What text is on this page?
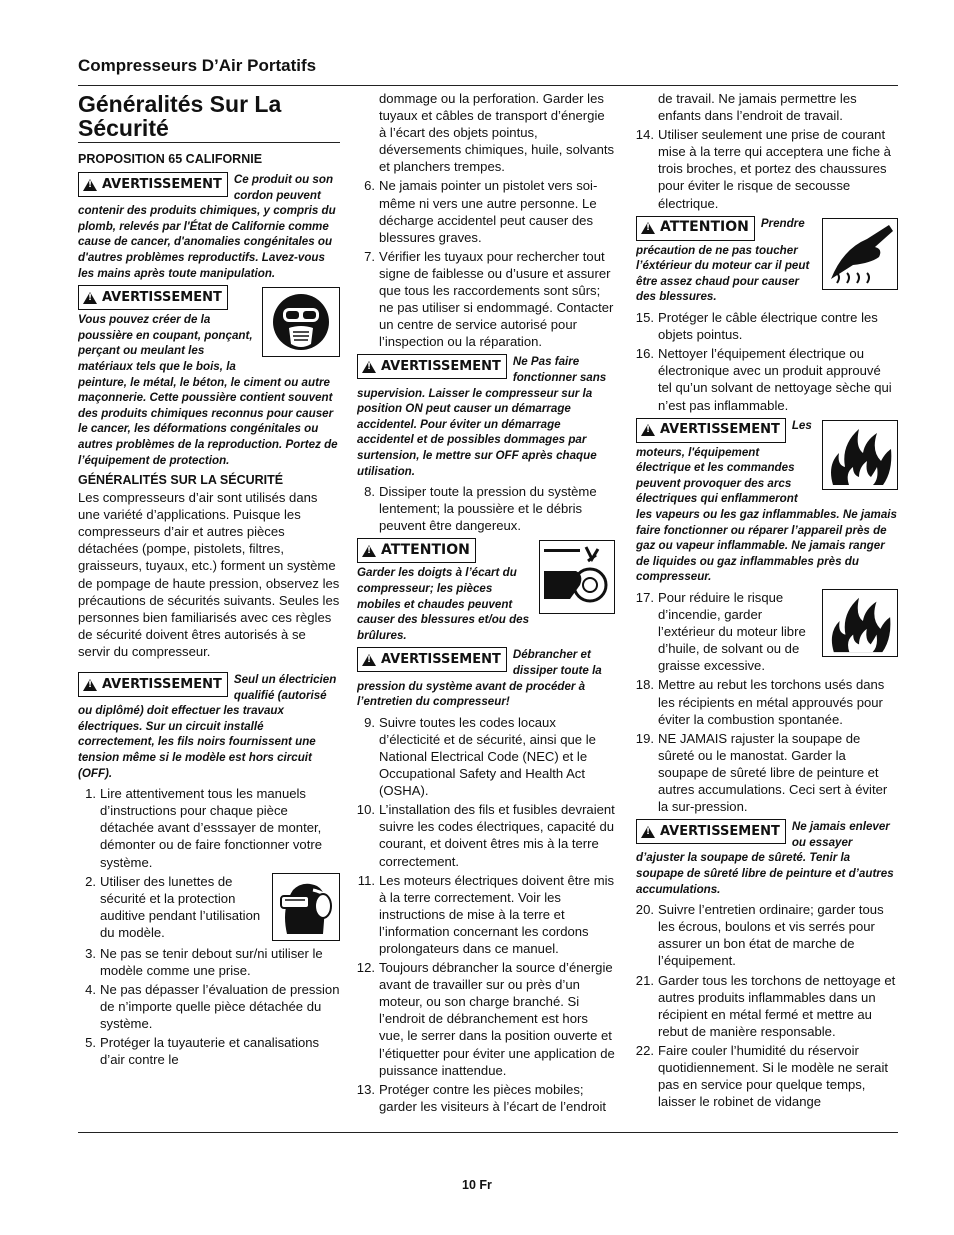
Compresseurs D’Air Portatifs
Généralités Sur La Sécurité
PROPOSITION 65 CALIFORNIE
!
AVERTISSEMENT Ce produit ou son cordon peuvent contenir des produits chimiques, y compris du plomb, relevés par l'État de Californie comme cause de cancer, d'anomalies congénitales ou d'autres problèmes reproductifs. Lavez-vous les mains après toute manipulation.
!
AVERTISSEMENT
Vous pouvez créer de la poussière en coupant, ponçant, perçant ou meulant les matériaux tels que le bois, la peinture, le métal, le béton, le ciment ou autre maçonnerie. Cette poussière contient souvent des produits chimiques reconnus pour causer le cancer, les déformations congénitales ou autres problèmes de la reproduction. Portez de l’équipement de protection.
GÉNÉRALITÉS SUR LA SÉCURITÉ
Les compresseurs d’air sont utilisés dans une variété d’applications. Puisque les compresseurs d’air et autres pièces détachées (pompe, pistolets, filtres, graisseurs, tuyaux, etc.) forment un système de pompage de haute pression, observez les précautions de sécurités suivants. Seules les personnes bien familiarisés avec ces règles de sécurité doivent êtres autorisés à se servir du compresseur.
!
AVERTISSEMENT Seul un électricien qualifié (autorisé ou diplômé) doit effectuer les travaux électriques. Sur un circuit installé correctement, les fils noirs fournissent une tension même si le modèle est hors circuit (OFF).
1. Lire attentivement tous les manuels d’instructions pour chaque pièce détachée avant d’esssayer de monter, démonter ou de faire fonctionner votre système.
2. Utiliser des lunettes de sécurité et la protection auditive pendant l’utilisation du modèle.
3. Ne pas se tenir debout sur/ni utiliser le modèle comme une prise.
4. Ne pas dépasser l’évaluation de pression de n’importe quelle pièce détachée du système.
5. Protéger la tuyauterie et canalisations d’air contre le
dommage ou la perforation. Garder les tuyaux et câbles de transport d’énergie à l’écart des objets pointus, déversements chimiques, huile, solvants et planchers trempes.
6. Ne jamais pointer un pistolet vers soi-même ni vers une autre personne. Le décharge accidentel peut causer des blessures graves.
7. Vérifier les tuyaux pour rechercher tout signe de faiblesse ou d’usure et assurer que tous les raccordements sont sûrs; ne pas utiliser si endommagé. Contacter un centre de service autorisé pour l’inspection ou la réparation.
!
AVERTISSEMENT Ne Pas faire fonctionner sans supervision. Laisser le compresseur sur la position ON peut causer un démarrage accidentel. Pour éviter un démarrage accidentel et de possibles dommages par surtension, le mettre sur OFF après chaque utilisation.
8. Dissiper toute la pression du système lentement; la poussière et le débris peuvent être dangereux.
!
ATTENTION
Garder les doigts à l’écart du compresseur; les pièces mobiles et chaudes peuvent causer des blessures et/ou des brûlures.
!
AVERTISSEMENT Débrancher et dissiper toute la pression du système avant de procéder à l’entretien du compresseur!
9. Suivre toutes les codes locaux d’électicité et de sécurité, ainsi que le National Electrical Code (NEC) et le Occupational Safety and Health Act (OSHA).
10. L’installation des fils et fusibles devraient suivre les codes électriques, capacité du courant, et doivent êtres mis à la terre correctement.
11. Les moteurs électriques doivent être mis à la terre correctement. Voir les instructions de mise à la terre et l’information concernant les cordons prolongateurs dans ce manuel.
12. Toujours débrancher la source d’énergie avant de travailler sur ou près d’un moteur, ou son charge branché. Si l’endroit de débranchement est hors vue, le serrer dans la position ouverte et l’étiquetter pour éviter une application de puissance inattendue.
13. Protéger contre les pièces mobiles; garder les visiteurs à l’écart de l’endroit
de travail. Ne jamais permettre les enfants dans l’endroit de travail.
14. Utiliser seulement une prise de courant mise à la terre qui accepterа une fiche à trois broches, et portez des chaussures pour éviter le risque de secousse électrique.
!
ATTENTION Prendre précaution de ne pas toucher l’éxtérieur du moteur car il peut être assez chaud pour causer des blessures.
15. Protéger le câble électrique contre les objets pointus.
16. Nettoyer l’équipement électrique ou électronique avec un produit approuvé tel qu’un solvant de nettoyage sèche qui n’est pas inflammable.
!
AVERTISSEMENT Les moteurs, l'équipement électrique et les commandes peuvent provoquer des arcs électriques qui enflammeront les vapeurs ou les gaz inflammables. Ne jamais faire fonctionner ou réparer l’appareil près de gaz ou vapeur inflammable. Ne jamais ranger de liquides ou gaz inflammables près du compresseur.
17. Pour réduire le risque d’incendie, garder l’extérieur du moteur libre d’huile, de solvant ou de graisse excessive.
18. Mettre au rebut les torchons usés dans les récipients en métal approuvés pour éviter la combustion spontanée.
19. NE JAMAIS rajuster la soupape de sûreté ou le manostat. Garder la soupape de sûreté libre de peinture et autres accumulations. Ceci sert à éviter la sur-pression.
!
AVERTISSEMENT Ne jamais enlever ou essayer d’ajuster la soupape de sûreté. Tenir la soupape de sûreté libre de peinture et d’autres accumulations.
20. Suivre l’entretien ordinaire; garder tous les écrous, boulons et vis serrés pour assurer un bon état de marche de l’équipement.
21. Garder tous les torchons de nettoyage et autres produits inflammables dans un récipient en métal fermé et mettre au rebut de manière responsable.
22. Faire couler l’humidité du réservoir quotidiennement. Si le modèle ne serait pas en service pour quelque temps, laisser le robinet de vidange
10 Fr
